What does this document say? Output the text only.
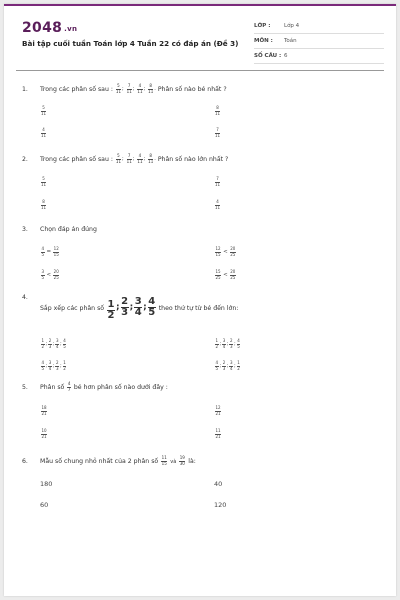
2048 .vn
Bài tập cuối tuần Toán lớp 4 Tuần 22 có đáp án (Đề 3)
LỚP : Lớp 4
MÔN : Toán
SỐ CÂU : 6
1. Trong các phân số sau : $\frac{5}{11}$ ; $\frac{7}{11}$ ; $\frac{4}{11}$ ; $\frac{8}{11}$ . Phân số nào bé nhất ?
$\frac{5}{11}$	$\frac{8}{11}$
$\frac{4}{11}$	$\frac{7}{11}$
2. Trong các phân số sau : $\frac{5}{11}$ ; $\frac{7}{11}$ ; $\frac{4}{11}$ ; $\frac{8}{11}$ . Phân số nào lớn nhất ?
$\frac{5}{11}$	$\frac{7}{11}$
$\frac{8}{11}$	$\frac{4}{11}$
3. Chọn đáp án đúng
$\frac{4}{5} = \frac{12}{15}$	$\frac{12}{15} < \frac{20}{25}$
$\frac{3}{5} < \frac{20}{25}$	$\frac{15}{25} < \frac{20}{25}$
4.Sắp xếp các phân số $\frac{1}{2}$ ; $\frac{2}{3}$ ; $\frac{3}{4}$ ; $\frac{4}{5}$ theo thứ tự từ bé đến lớn:
$\frac{1}{2}$ ; $\frac{2}{3}$ ; $\frac{3}{4}$ ; $\frac{4}{5}$	$\frac{1}{2}$ ; $\frac{3}{4}$ ; $\frac{2}{3}$ ; $\frac{4}{5}$
$\frac{4}{5}$ ; $\frac{3}{4}$ ; $\frac{2}{3}$ ; $\frac{1}{2}$	$\frac{4}{5}$ ; $\frac{2}{3}$ ; $\frac{3}{4}$ ; $\frac{1}{2}$
5. Phân số $\frac{4}{7}$ bé hơn phân số nào dưới đây :
$\frac{18}{21}$	$\frac{12}{21}$
$\frac{10}{21}$	$\frac{11}{21}$
6. Mẫu số chung nhỏ nhất của 2 phân số $\frac{11}{15}$ và $\frac{19}{30}$ là:
180	40
60	120
